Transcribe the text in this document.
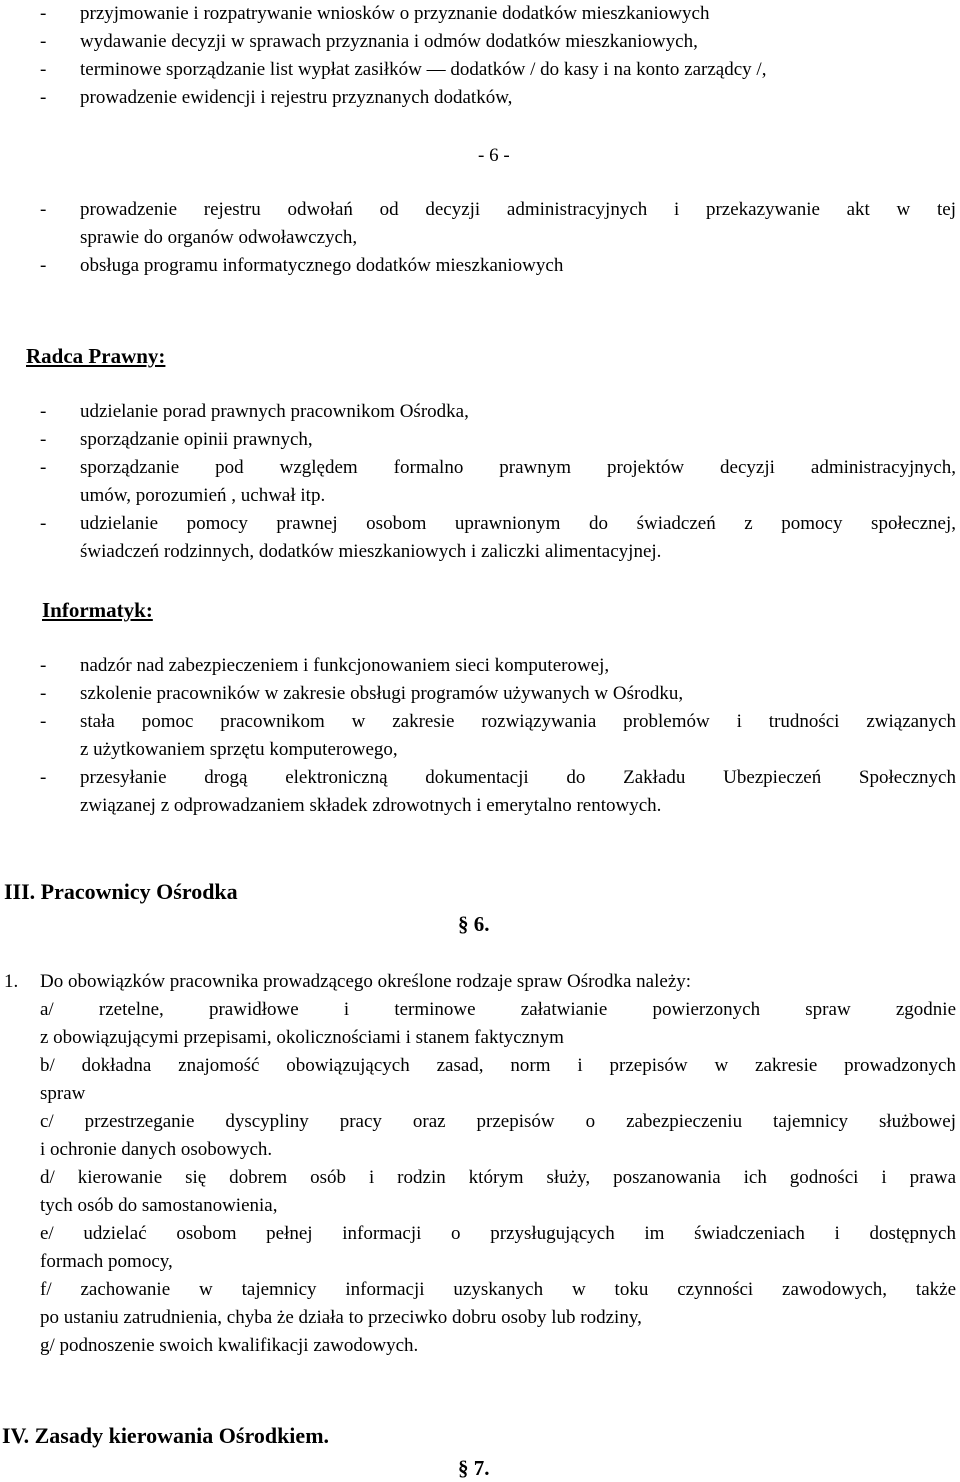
- przyjmowanie i rozpatrywanie wniosków o przyznanie dodatków mieszkaniowych
- wydawanie decyzji w sprawach przyznania i odmów dodatków mieszkaniowych,
- terminowe sporządzanie list wypłat zasiłków — dodatków / do kasy i na konto zarządcy /,
- prowadzenie ewidencji i rejestru przyznanych dodatków,
- 6 -
- prowadzenie rejestru odwołań od decyzji administracyjnych i przekazywanie akt w tej
sprawie do organów odwoławczych,
- obsługa programu informatycznego dodatków mieszkaniowych
Radca Prawny:
- udzielanie porad prawnych pracownikom Ośrodka,
- sporządzanie opinii prawnych,
- sporządzanie pod względem formalno prawnym projektów decyzji administracyjnych,
umów, porozumień , uchwał itp.
- udzielanie pomocy prawnej osobom uprawnionym do świadczeń z pomocy społecznej,
świadczeń rodzinnych, dodatków mieszkaniowych i zaliczki alimentacyjnej.
Informatyk:
- nadzór nad zabezpieczeniem i funkcjonowaniem sieci komputerowej,
- szkolenie pracowników w zakresie obsługi programów używanych w Ośrodku,
- stała pomoc pracownikom w zakresie rozwiązywania problemów i trudności związanych
z użytkowaniem sprzętu komputerowego,
- przesyłanie drogą elektroniczną dokumentacji do Zakładu Ubezpieczeń Społecznych
związanej z odprowadzaniem składek zdrowotnych i emerytalno rentowych.
III. Pracownicy Ośrodka
§ 6.
1. Do obowiązków pracownika prowadzącego określone rodzaje spraw Ośrodka należy:
a/ rzetelne, prawidłowe i terminowe załatwianie powierzonych spraw zgodnie
z obowiązującymi przepisami, okolicznościami i stanem faktycznym
b/ dokładna znajomość obowiązujących zasad, norm i przepisów w zakresie prowadzonych
spraw
c/ przestrzeganie dyscypliny pracy oraz przepisów o zabezpieczeniu tajemnicy służbowej
i ochronie danych osobowych.
d/ kierowanie się dobrem osób i rodzin którym służy, poszanowania ich godności i prawa
tych osób do samostanowienia,
e/ udzielać osobom pełnej informacji o przysługujących im świadczeniach i dostępnych
formach pomocy,
f/ zachowanie w tajemnicy informacji uzyskanych w toku czynności zawodowych, także
po ustaniu zatrudnienia, chyba że działa to przeciwko dobru osoby lub rodziny,
g/ podnoszenie swoich kwalifikacji zawodowych.
IV. Zasady kierowania Ośrodkiem.
§ 7.
